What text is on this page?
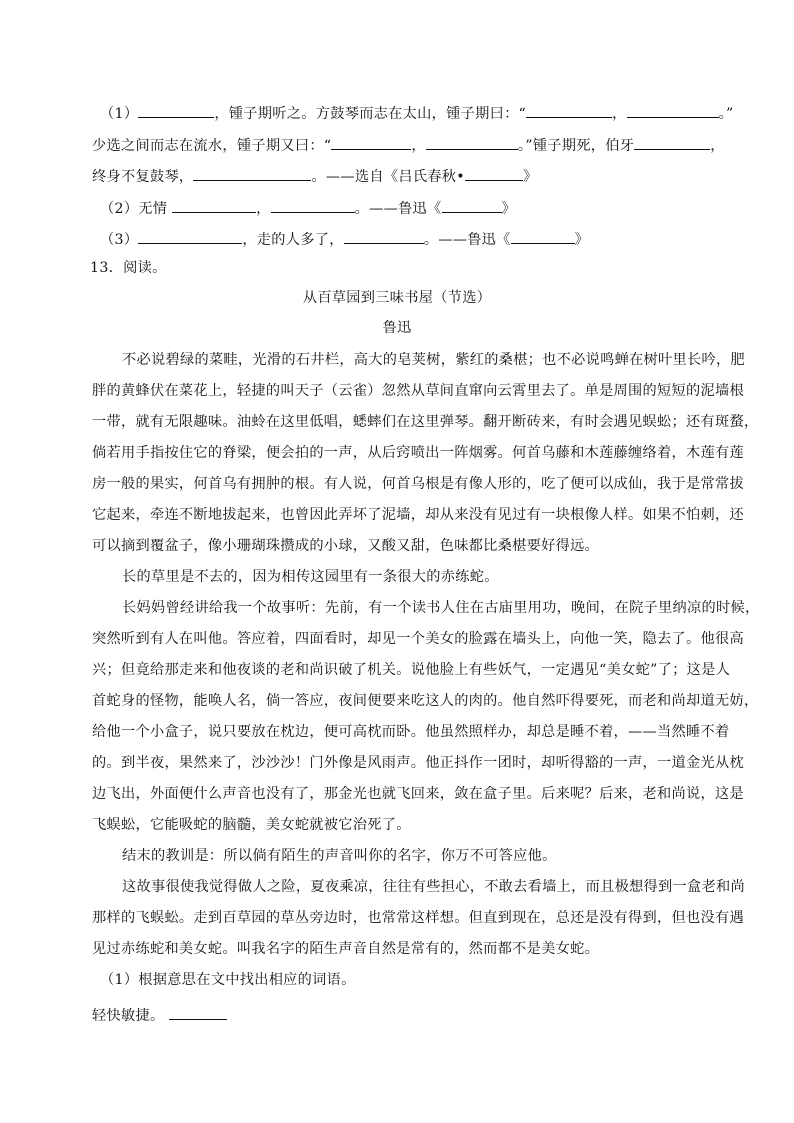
（1）	，锺子期听之。方鼓琴而志在太山，锺子期曰：“	，	。”
少选之间而志在流水，锺子期又曰：“	，	。”锺子期死，伯牙	，
终身不复鼓琴，	。——选自《吕氏春秋•	》
（2）无情	，	。——鲁迅《	》
（3）	，走的人多了，	。——鲁迅《	》
13．阅读。
从百草园到三味书屋（节选）
鲁迅
不必说碧绿的菜畦，光滑的石井栏，高大的皂荚树，紫红的桑椹；也不必说鸣蝉在树叶里长吟，肥
胖的黄蜂伏在菜花上，轻捷的叫天子（云雀）忽然从草间直窜向云霄里去了。单是周围的短短的泥墙根
一带，就有无限趣味。油蛉在这里低唱，蟋蟀们在这里弹琴。翻开断砖来，有时会遇见蜈蚣；还有斑蝥，
倘若用手指按住它的脊梁，便会拍的一声，从后窍喷出一阵烟雾。何首乌藤和木莲藤缠络着，木莲有莲
房一般的果实，何首乌有拥肿的根。有人说，何首乌根是有像人形的，吃了便可以成仙，我于是常常拔
它起来，牵连不断地拔起来，也曾因此弄坏了泥墙，却从来没有见过有一块根像人样。如果不怕刺，还
可以摘到覆盆子，像小珊瑚珠攒成的小球，又酸又甜，色味都比桑椹要好得远。
长的草里是不去的，因为相传这园里有一条很大的赤练蛇。
长妈妈曾经讲给我一个故事听：先前，有一个读书人住在古庙里用功，晚间，在院子里纳凉的时候，
突然听到有人在叫他。答应着，四面看时，却见一个美女的脸露在墙头上，向他一笑，隐去了。他很高
兴；但竟给那走来和他夜谈的老和尚识破了机关。说他脸上有些妖气，一定遇见“美女蛇”了；这是人
首蛇身的怪物，能唤人名，倘一答应，夜间便要来吃这人的肉的。他自然吓得要死，而老和尚却道无妨，
给他一个小盒子，说只要放在枕边，便可高枕而卧。他虽然照样办，却总是睡不着，——当然睡不着
的。到半夜，果然来了，沙沙沙！门外像是风雨声。他正抖作一团时，却听得豁的一声，一道金光从枕
边飞出，外面便什么声音也没有了，那金光也就飞回来，敛在盒子里。后来呢？后来，老和尚说，这是
飞蜈蚣，它能吸蛇的脑髓，美女蛇就被它治死了。
结末的教训是：所以倘有陌生的声音叫你的名字，你万不可答应他。
这故事很使我觉得做人之险，夏夜乘凉，往往有些担心，不敢去看墙上，而且极想得到一盒老和尚
那样的飞蜈蚣。走到百草园的草丛旁边时，也常常这样想。但直到现在，总还是没有得到，但也没有遇
见过赤练蛇和美女蛇。叫我名字的陌生声音自然是常有的，然而都不是美女蛇。
（1）根据意思在文中找出相应的词语。
轻快敏捷。
